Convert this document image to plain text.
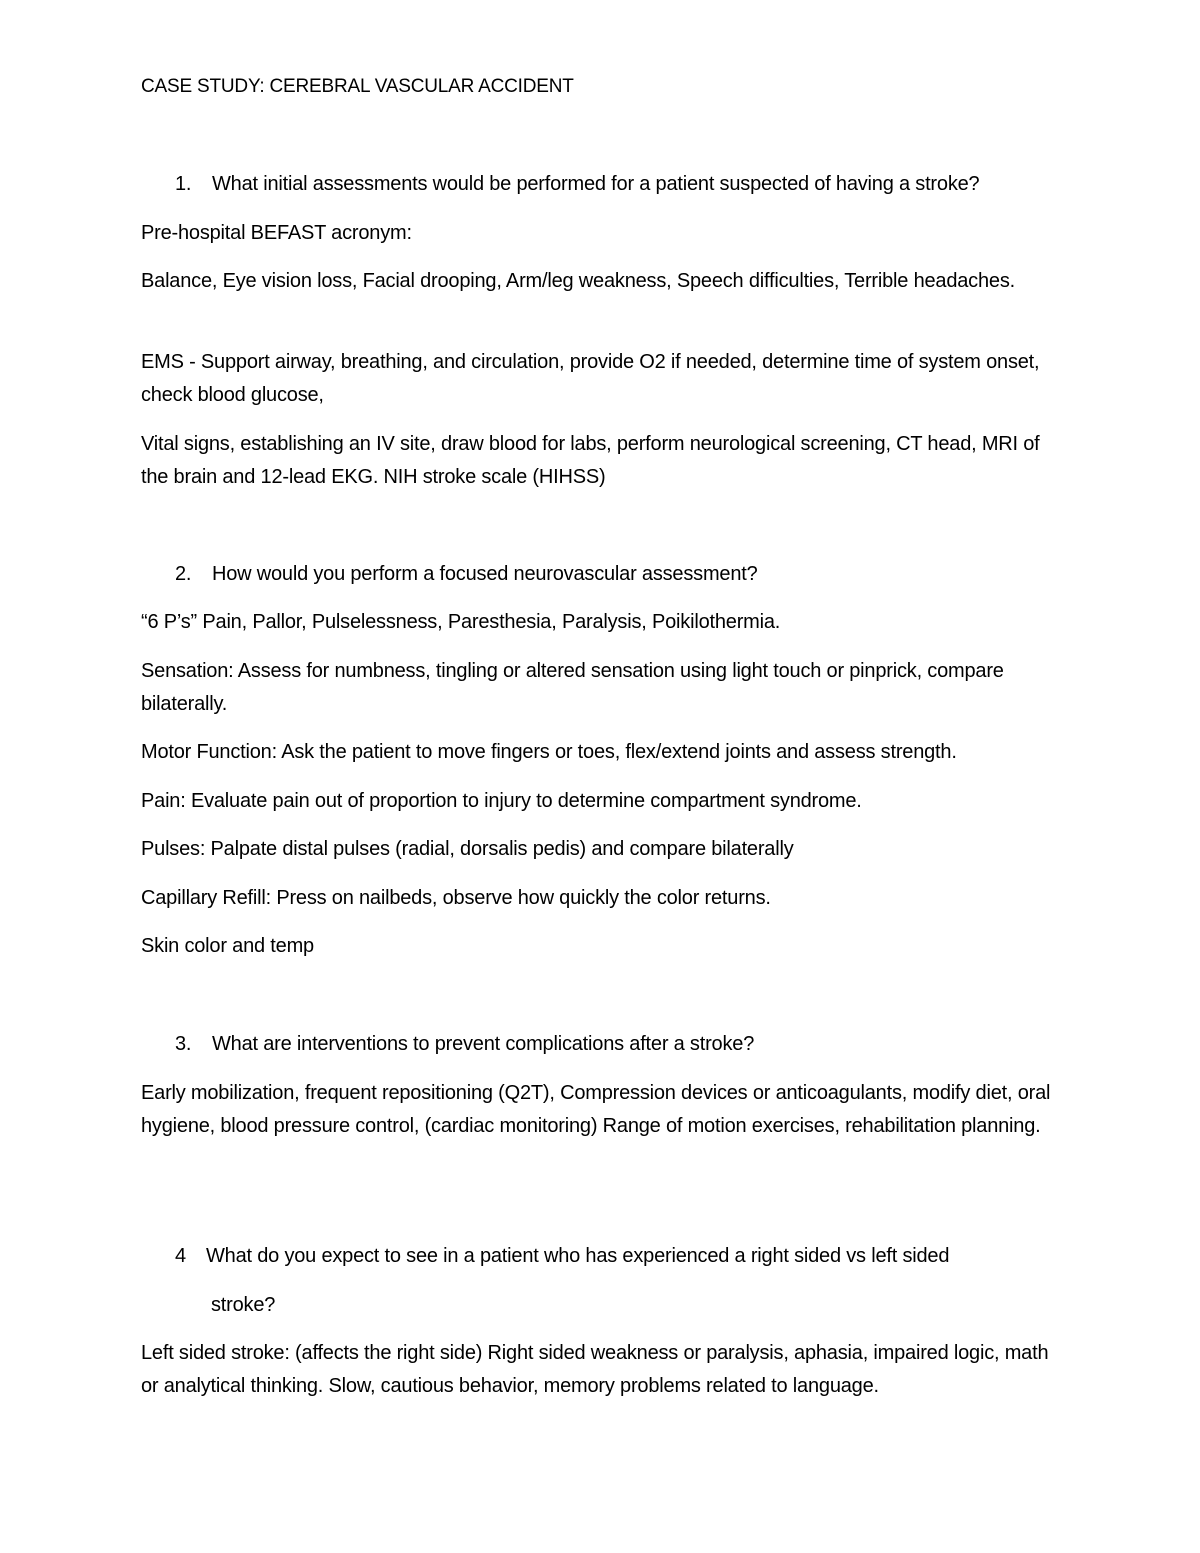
CASE STUDY: CEREBRAL VASCULAR ACCIDENT

1. What initial assessments would be performed for a patient suspected of having a stroke?

Pre-hospital BEFAST acronym:

Balance, Eye vision loss, Facial drooping, Arm/leg weakness, Speech difficulties, Terrible headaches.

EMS - Support airway, breathing, and circulation, provide O2 if needed, determine time of system onset, check blood glucose,

Vital signs, establishing an IV site, draw blood for labs, perform neurological screening, CT head, MRI of the brain and 12-lead EKG. NIH stroke scale (HIHSS)

2. How would you perform a focused neurovascular assessment?

“6 P’s” Pain, Pallor, Pulselessness, Paresthesia, Paralysis, Poikilothermia.

Sensation: Assess for numbness, tingling or altered sensation using light touch or pinprick, compare bilaterally.

Motor Function: Ask the patient to move fingers or toes, flex/extend joints and assess strength.

Pain: Evaluate pain out of proportion to injury to determine compartment syndrome.

Pulses: Palpate distal pulses (radial, dorsalis pedis) and compare bilaterally

Capillary Refill: Press on nailbeds, observe how quickly the color returns.

Skin color and temp

3. What are interventions to prevent complications after a stroke?

Early mobilization, frequent repositioning (Q2T), Compression devices or anticoagulants, modify diet, oral hygiene, blood pressure control, (cardiac monitoring) Range of motion exercises, rehabilitation planning.

4 What do you expect to see in a patient who has experienced a right sided vs left sided
stroke?

Left sided stroke: (affects the right side) Right sided weakness or paralysis, aphasia, impaired logic, math or analytical thinking. Slow, cautious behavior, memory problems related to language.
